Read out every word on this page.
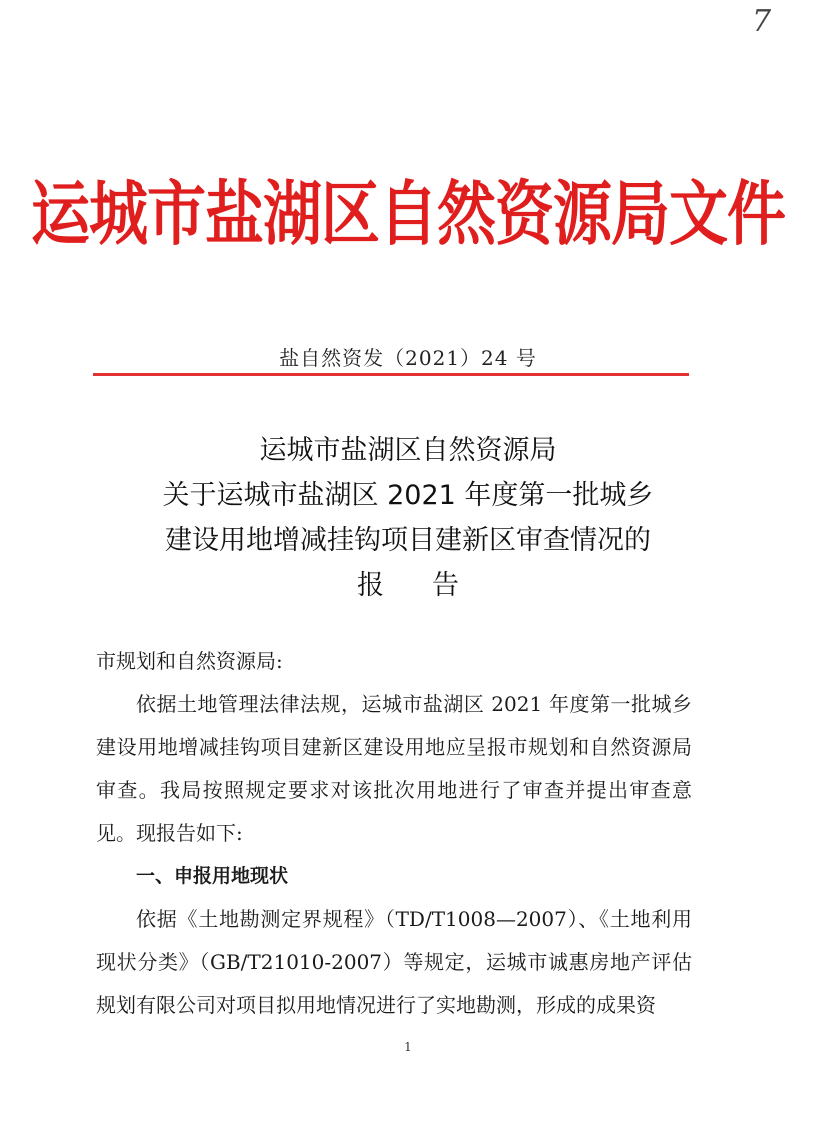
7
运城市盐湖区自然资源局文件
盐自然资发（2021）24 号
运城市盐湖区自然资源局
关于运城市盐湖区 2021 年度第一批城乡
建设用地增减挂钩项目建新区审查情况的
报告

市规划和自然资源局:

依据土地管理法律法规，运城市盐湖区 2021 年度第一批城乡建设用地增减挂钩项目建新区建设用地应呈报市规划和自然资源局审查。我局按照规定要求对该批次用地进行了审查并提出审查意见。现报告如下:

一、申报用地现状

依据《土地勘测定界规程》（TD/T1008—2007）、《土地利用现状分类》（GB/T21010-2007）等规定，运城市诚惠房地产评估规划有限公司对项目拟用地情况进行了实地勘测，形成的成果资

1
